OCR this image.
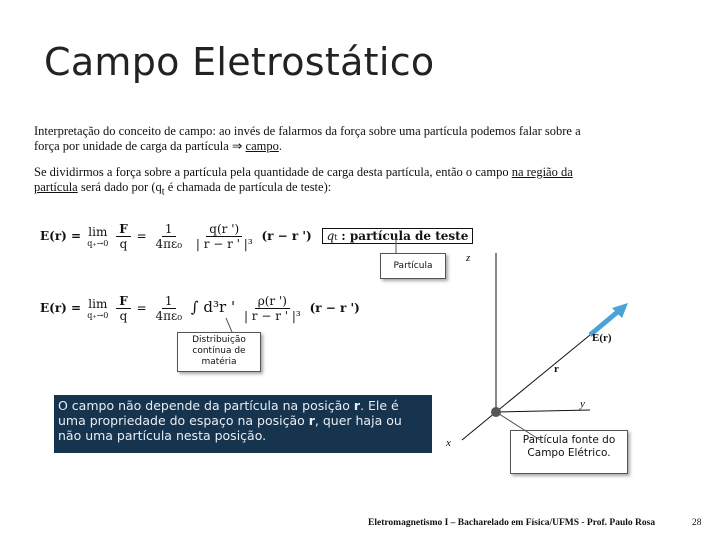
Campo Eletrostático
Interpretação do conceito de campo: ao invés de falarmos da força sobre uma partícula podemos falar sobre a força por unidade de carga da partícula ⇒ campo.
Se dividirmos a força sobre a partícula pela quantidade de carga desta partícula, então o campo na região da partícula será dado por ($q_t$ é chamada de partícula de teste):
E(r) = lim
q₊→0
$\frac{F}{q} = \frac{1}{\text{4πε₀}}$
$\frac{q(r ')}{\text{| r − r ' |³}} (r - r$ ') qt : partícula de teste
E(r) = lim
q₊→0
$\frac{F}{q} = \frac{1}{\text{4πε₀}}$ ∫ d³r ' $\frac{\rho(r ')}{\text{| r − r ' |³}} (r - r$ ')
Partícula
Distribuição contínua de matéria
Partícula fonte do Campo Elétrico.
z
y
x
r
E(r)
O campo não depende da partícula na posição r. Ele é uma propriedade do espaço na posição r, quer haja ou não uma partícula nesta posição.
Eletromagnetismo I – Bacharelado em Física/UFMS - Prof. Paulo Rosa	28
